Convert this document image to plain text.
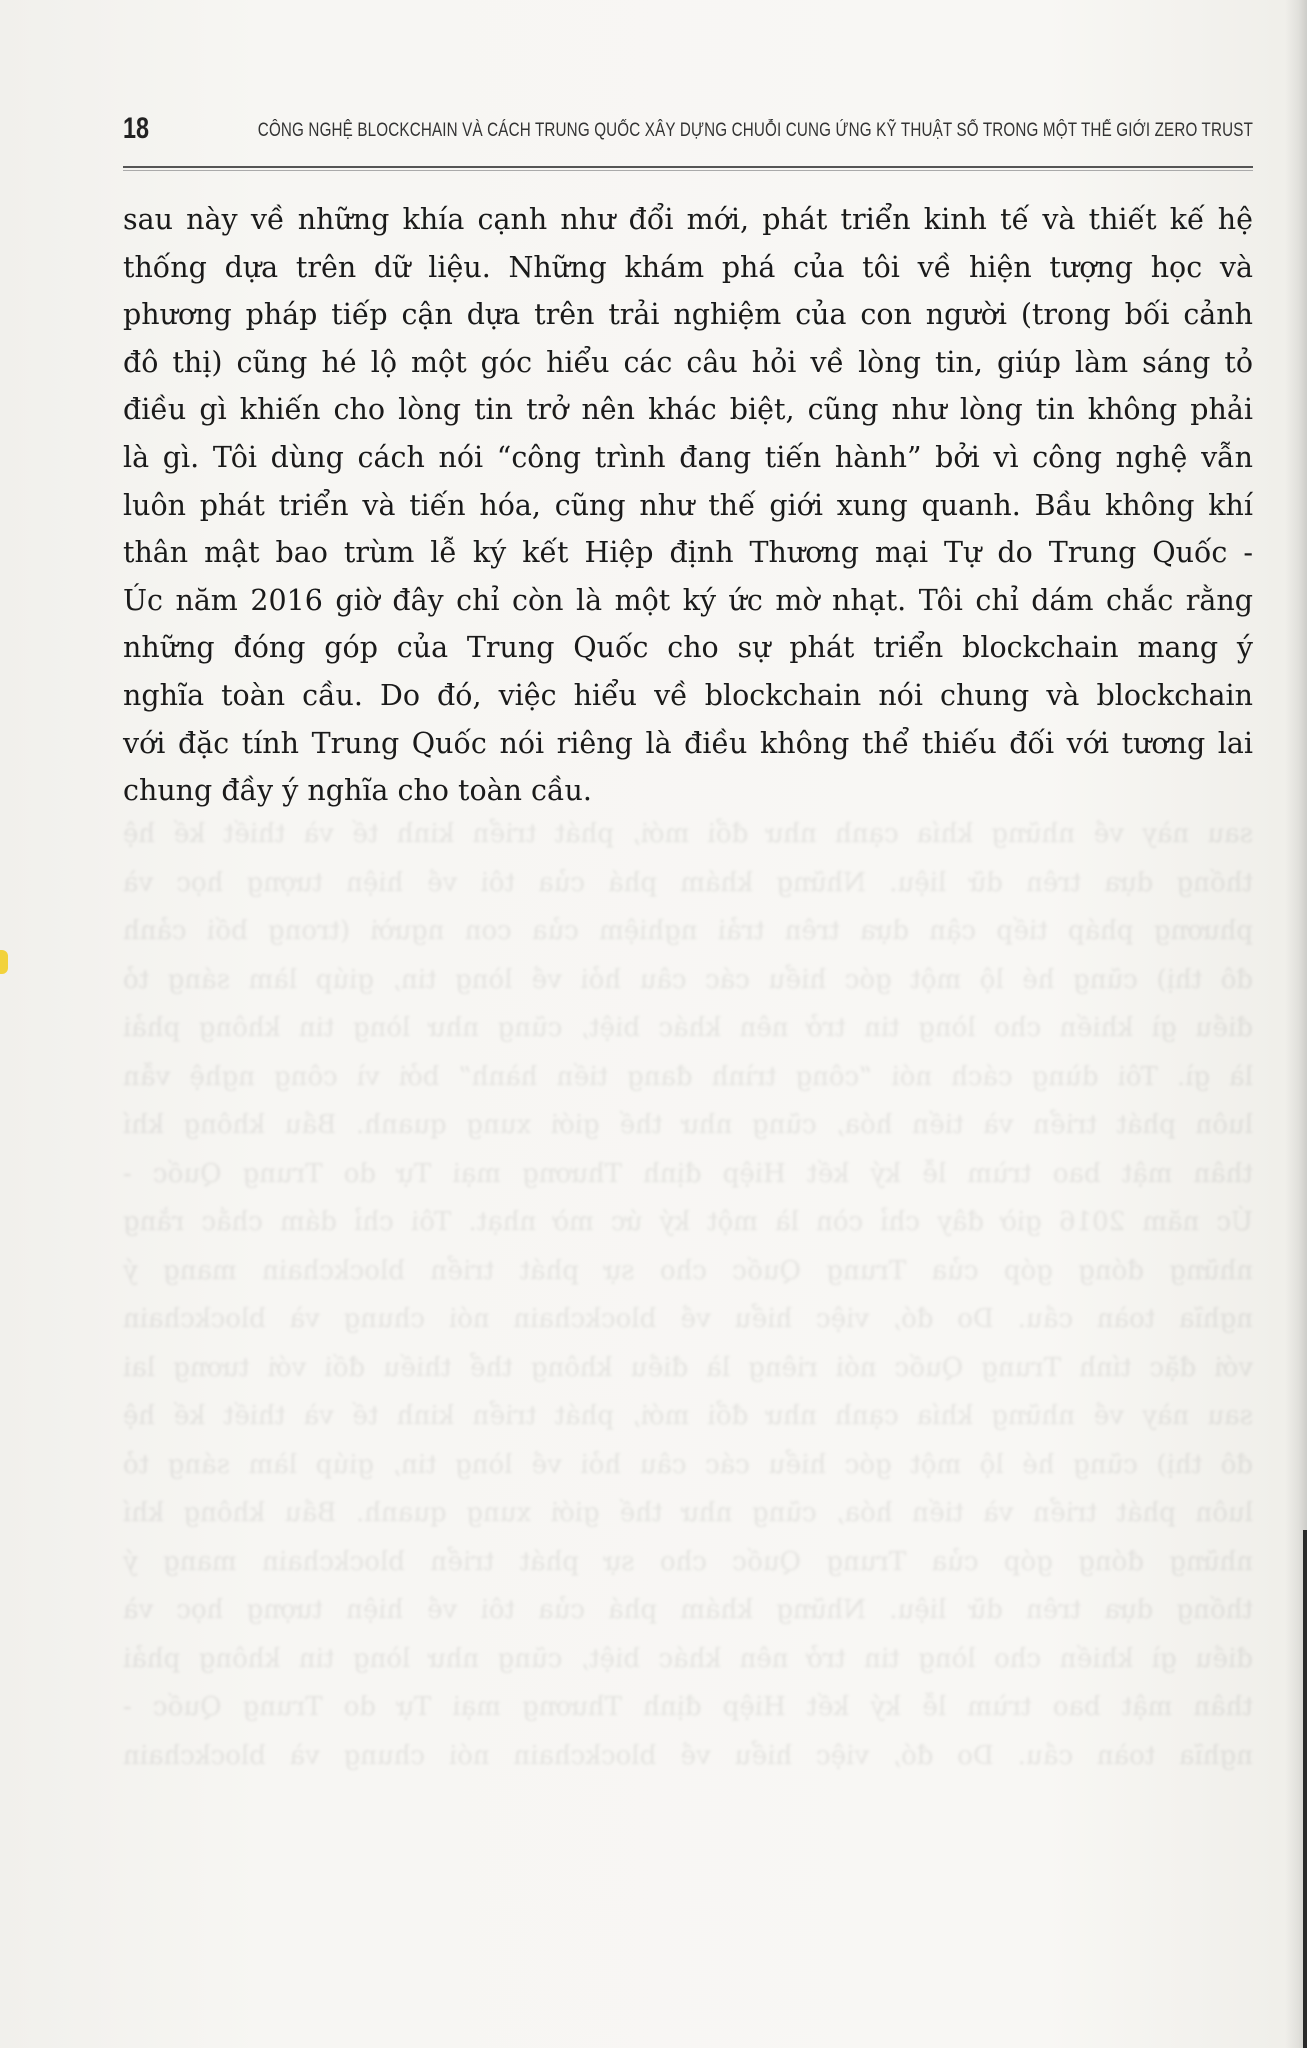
18	CÔNG NGHỆ BLOCKCHAIN VÀ CÁCH TRUNG QUỐC XÂY DỰNG CHUỖI CUNG ỨNG KỸ THUẬT SỐ TRONG MỘT THẾ GIỚI ZERO TRUST
sau này về những khía cạnh như đổi mới, phát triển kinh tế và thiết kế hệ
thống dựa trên dữ liệu. Những khám phá của tôi về hiện tượng học và
phương pháp tiếp cận dựa trên trải nghiệm của con người (trong bối cảnh
đô thị) cũng hé lộ một góc hiểu các câu hỏi về lòng tin, giúp làm sáng tỏ
điều gì khiến cho lòng tin trở nên khác biệt, cũng như lòng tin không phải
là gì. Tôi dùng cách nói “công trình đang tiến hành” bởi vì công nghệ vẫn
luôn phát triển và tiến hóa, cũng như thế giới xung quanh. Bầu không khí
thân mật bao trùm lễ ký kết Hiệp định Thương mại Tự do Trung Quốc -
Úc năm 2016 giờ đây chỉ còn là một ký ức mờ nhạt. Tôi chỉ dám chắc rằng
những đóng góp của Trung Quốc cho sự phát triển blockchain mang ý
nghĩa toàn cầu. Do đó, việc hiểu về blockchain nói chung và blockchain
với đặc tính Trung Quốc nói riêng là điều không thể thiếu đối với tương lai
chung đầy ý nghĩa cho toàn cầu.
sau này về những khía cạnh như đổi mới, phát triển kinh tế và thiết kế hệ
thống dựa trên dữ liệu. Những khám phá của tôi về hiện tượng học và
phương pháp tiếp cận dựa trên trải nghiệm của con người (trong bối cảnh
đô thị) cũng hé lộ một góc hiểu các câu hỏi về lòng tin, giúp làm sáng tỏ
điều gì khiến cho lòng tin trở nên khác biệt, cũng như lòng tin không phải
là gì. Tôi dùng cách nói “công trình đang tiến hành” bởi vì công nghệ vẫn
luôn phát triển và tiến hóa, cũng như thế giới xung quanh. Bầu không khí
thân mật bao trùm lễ ký kết Hiệp định Thương mại Tự do Trung Quốc -
Úc năm 2016 giờ đây chỉ còn là một ký ức mờ nhạt. Tôi chỉ dám chắc rằng
những đóng góp của Trung Quốc cho sự phát triển blockchain mang ý
nghĩa toàn cầu. Do đó, việc hiểu về blockchain nói chung và blockchain
với đặc tính Trung Quốc nói riêng là điều không thể thiếu đối với tương lai
sau này về những khía cạnh như đổi mới, phát triển kinh tế và thiết kế hệ
đô thị) cũng hé lộ một góc hiểu các câu hỏi về lòng tin, giúp làm sáng tỏ
luôn phát triển và tiến hóa, cũng như thế giới xung quanh. Bầu không khí
những đóng góp của Trung Quốc cho sự phát triển blockchain mang ý
thống dựa trên dữ liệu. Những khám phá của tôi về hiện tượng học và
điều gì khiến cho lòng tin trở nên khác biệt, cũng như lòng tin không phải
thân mật bao trùm lễ ký kết Hiệp định Thương mại Tự do Trung Quốc -
nghĩa toàn cầu. Do đó, việc hiểu về blockchain nói chung và blockchain
